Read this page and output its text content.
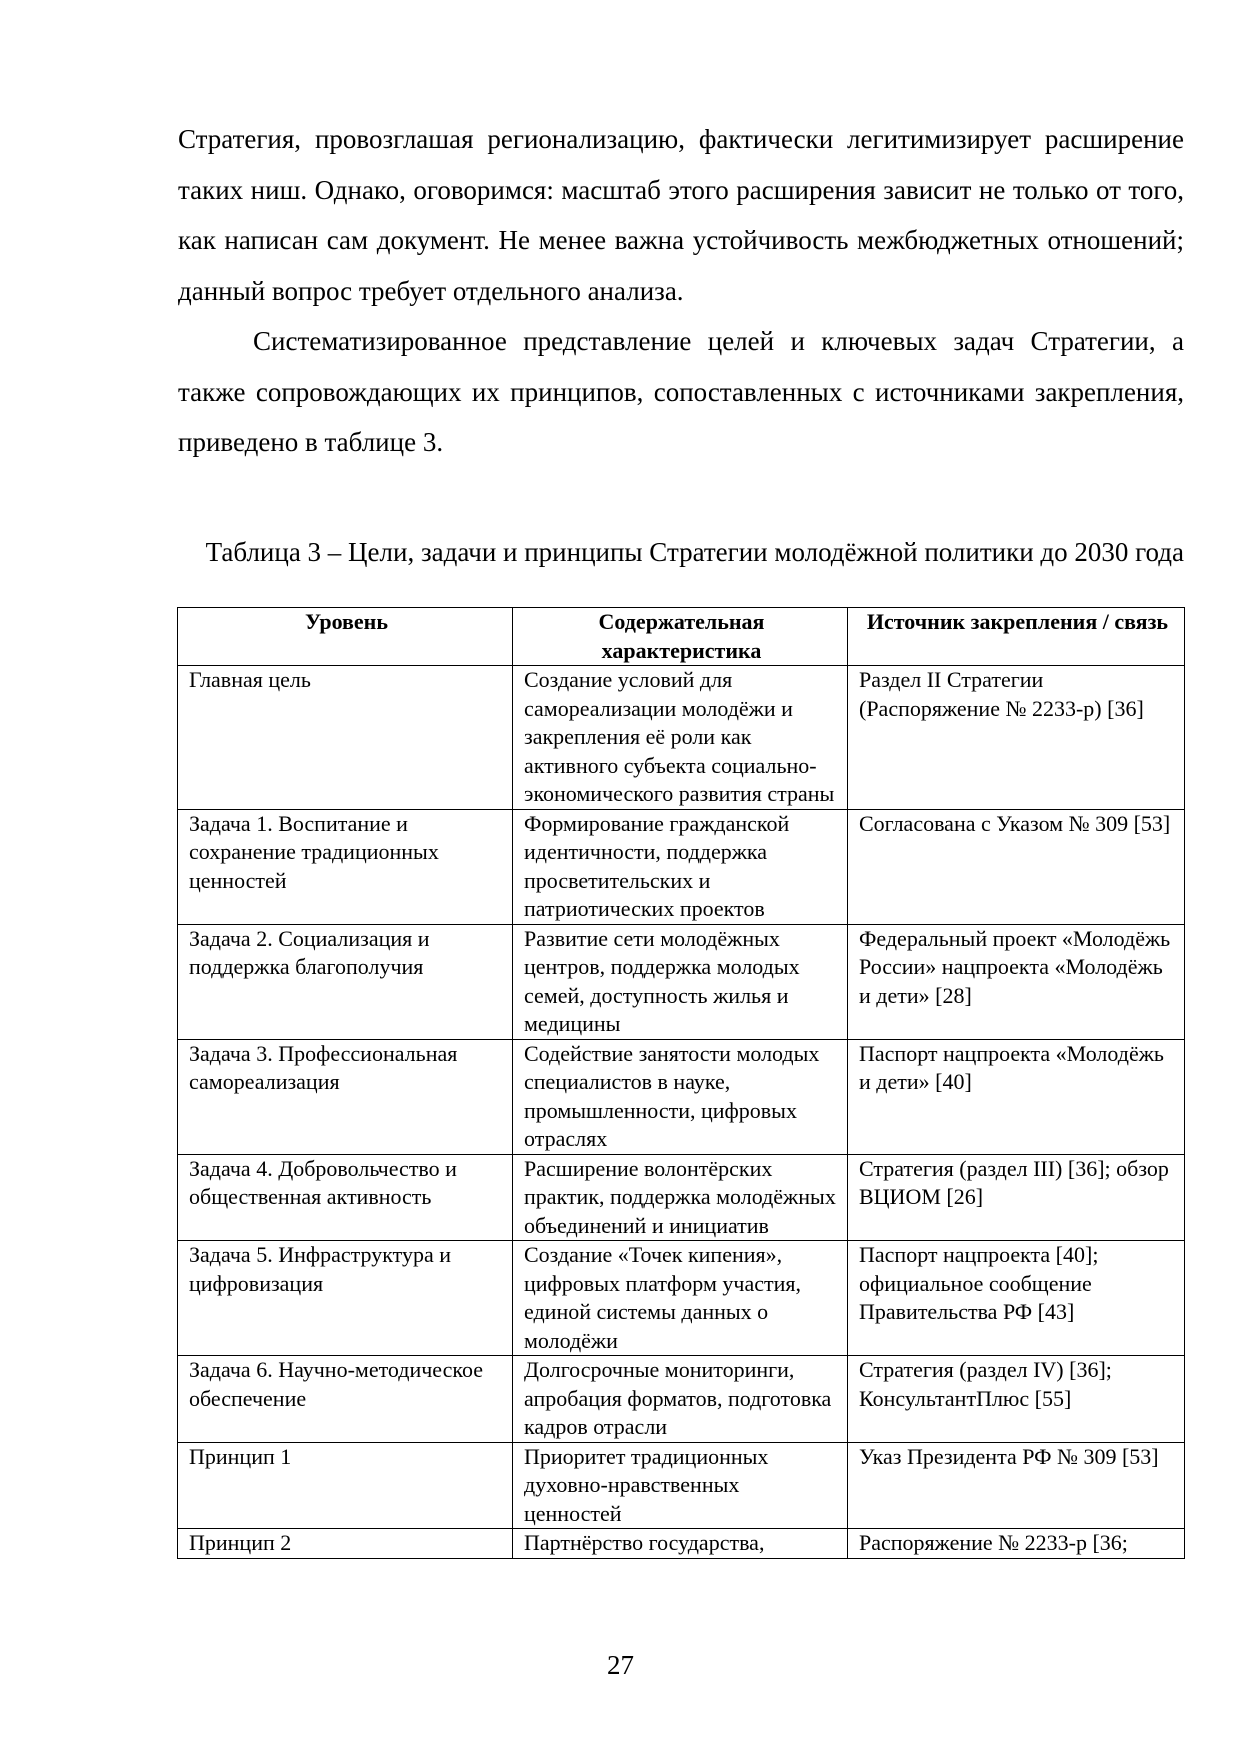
Стратегия, провозглашая регионализацию, фактически легитимизирует расширение таких ниш. Однако, оговоримся: масштаб этого расширения зависит не только от того, как написан сам документ. Не менее важна устойчивость межбюджетных отношений; данный вопрос требует отдельного анализа.

Систематизированное представление целей и ключевых задач Стратегии, а также сопровождающих их принципов, сопоставленных с источниками закрепления, приведено в таблице 3.

Таблица 3 – Цели, задачи и принципы Стратегии молодёжной политики до 2030 года
Уровень	Содержательная характеристика	Источник закрепления / связь
Главная цель	Создание условий для самореализации молодёжи и закрепления её роли как активного субъекта социально-экономического развития страны	Раздел II Стратегии (Распоряжение № 2233-р) [36]
Задача 1. Воспитание и сохранение традиционных ценностей	Формирование гражданской идентичности, поддержка просветительских и патриотических проектов	Согласована с Указом № 309 [53]
Задача 2. Социализация и поддержка благополучия	Развитие сети молодёжных центров, поддержка молодых семей, доступность жилья и медицины	Федеральный проект «Молодёжь России» нацпроекта «Молодёжь и дети» [28]
Задача 3. Профессиональная самореализация	Содействие занятости молодых специалистов в науке, промышленности, цифровых отраслях	Паспорт нацпроекта «Молодёжь и дети» [40]
Задача 4. Добровольчество и общественная активность	Расширение волонтёрских практик, поддержка молодёжных объединений и инициатив	Стратегия (раздел III) [36]; обзор ВЦИОМ [26]
Задача 5. Инфраструктура и цифровизация	Создание «Точек кипения», цифровых платформ участия, единой системы данных о молодёжи	Паспорт нацпроекта [40]; официальное сообщение Правительства РФ [43]
Задача 6. Научно-методическое обеспечение	Долгосрочные мониторинги, апробация форматов, подготовка кадров отрасли	Стратегия (раздел IV) [36]; КонсультантПлюс [55]
Принцип 1	Приоритет традиционных духовно-нравственных ценностей	Указ Президента РФ № 309 [53]
Принцип 2	Партнёрство государства,	Распоряжение № 2233-р [36;
27
